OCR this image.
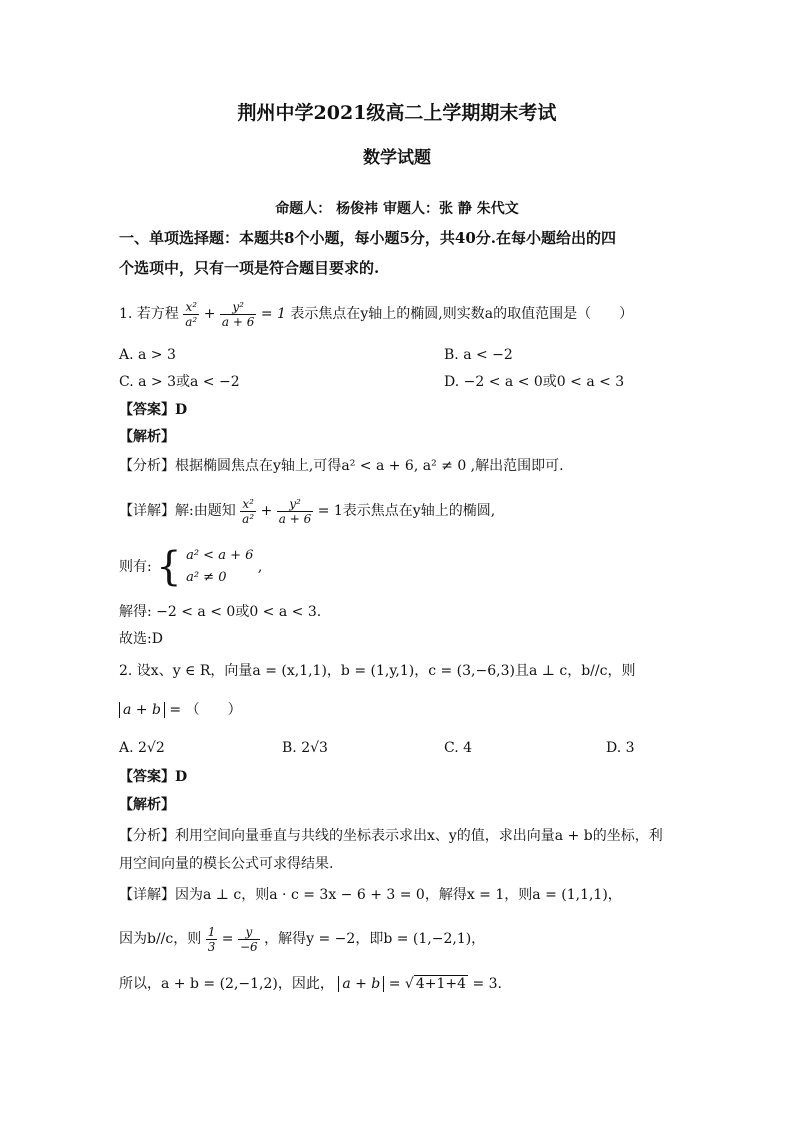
荆州中学2021级高二上学期期末考试
数学试题
命题人： 杨俊祎 审题人：张 静 朱代文
一、单项选择题：本题共8个小题，每小题5分，共40分.在每小题给出的四
个选项中，只有一项是符合题目要求的.
1. 若方程 $\frac{\text{x²}}{\text{a²}} + \frac{\text{y²}}{a + 6} = 1$ 表示焦点在y轴上的椭圆,则实数a的取值范围是（　　）
A. a > 3	B. a < −2
C. a > 3或a < −2	D. −2 < a < 0或0 < a < 3
【答案】D
【解析】
【分析】根据椭圆焦点在y轴上,可得a² < a + 6, a² ≠ 0 ,解出范围即可.
【详解】解:由题知 $\frac{\text{x²}}{\text{a²}} + \frac{\text{y²}}{a + 6} = 1$表示焦点在y轴上的椭圆,
则有: { a² < a + 6
a² ≠ 0
,
解得: −2 < a < 0或0 < a < 3.
故选:D
2. 设x、y ∈ R，向量a = (x,1,1)，b = (1,y,1)，c = (3,−6,3)且a ⊥ c，b//c，则
a + b = （　　）
A. 2√2	B. 2√3	C. 4	D. 3
【答案】D
【解析】
【分析】利用空间向量垂直与共线的坐标表示求出x、y的值，求出向量a + b的坐标，利
用空间向量的模长公式可求得结果.
【详解】因为a ⊥ c，则a · c = 3x − 6 + 3 = 0，解得x = 1，则a = (1,1,1)，
因为b//c，则 $\frac{1}{3} = \frac{y}{-6}$ ，解得y = −2，即b = (1,−2,1)，
所以，a + b = (2,−1,2)，因此， a + b = √ 4+1+4 = 3.
